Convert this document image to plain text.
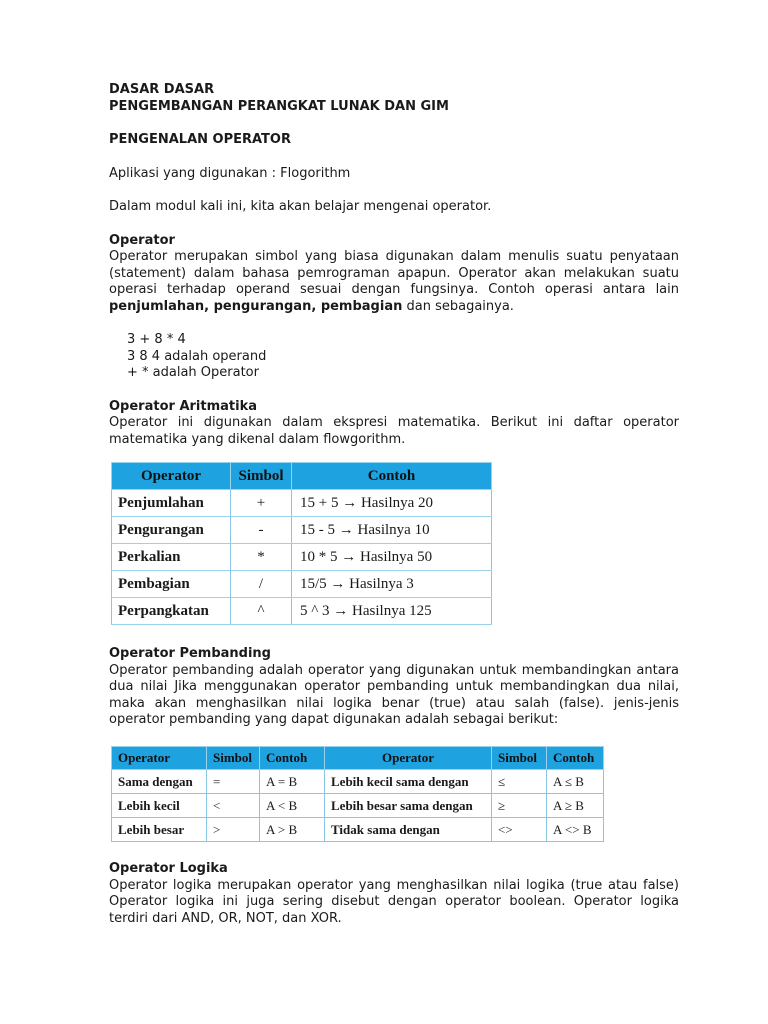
DASAR DASAR

PENGEMBANGAN PERANGKAT LUNAK DAN GIM

PENGENALAN OPERATOR

Aplikasi yang digunakan : Flogorithm

Dalam modul kali ini, kita akan belajar mengenai operator.

Operator

Operator merupakan simbol yang biasa digunakan dalam menulis suatu penyataan (statement) dalam bahasa pemrograman apapun. Operator akan melakukan suatu operasi terhadap operand sesuai dengan fungsinya. Contoh operasi antara lain penjumlahan, pengurangan, pembagian dan sebagainya.

3 + 8 * 4

3 8 4 adalah operand

+ * adalah Operator

Operator Aritmatika

Operator ini digunakan dalam ekspresi matematika. Berikut ini daftar operator matematika yang dikenal dalam flowgorithm.

Operator	Simbol	Contoh
Penjumlahan	+	15 + 5 → Hasilnya 20
Pengurangan	-	15 - 5 → Hasilnya 10
Perkalian	*	10 * 5 → Hasilnya 50
Pembagian	/	15/5 → Hasilnya 3
Perpangkatan	^	5 ^ 3 → Hasilnya 125

Operator Pembanding

Operator pembanding adalah operator yang digunakan untuk membandingkan antara dua nilai Jika menggunakan operator pembanding untuk membandingkan dua nilai, maka akan menghasilkan nilai logika benar (true) atau salah (false). jenis-jenis operator pembanding yang dapat digunakan adalah sebagai berikut:

Operator	Simbol	Contoh	Operator	Simbol	Contoh
Sama dengan	=	A = B	Lebih kecil sama dengan	≤	A ≤ B
Lebih kecil	<	A < B	Lebih besar sama dengan	≥	A ≥ B
Lebih besar	>	A > B	Tidak sama dengan	<>	A <> B

Operator Logika

Operator logika merupakan operator yang menghasilkan nilai logika (true atau false) Operator logika ini juga sering disebut dengan operator boolean. Operator logika terdiri dari AND, OR, NOT, dan XOR.
